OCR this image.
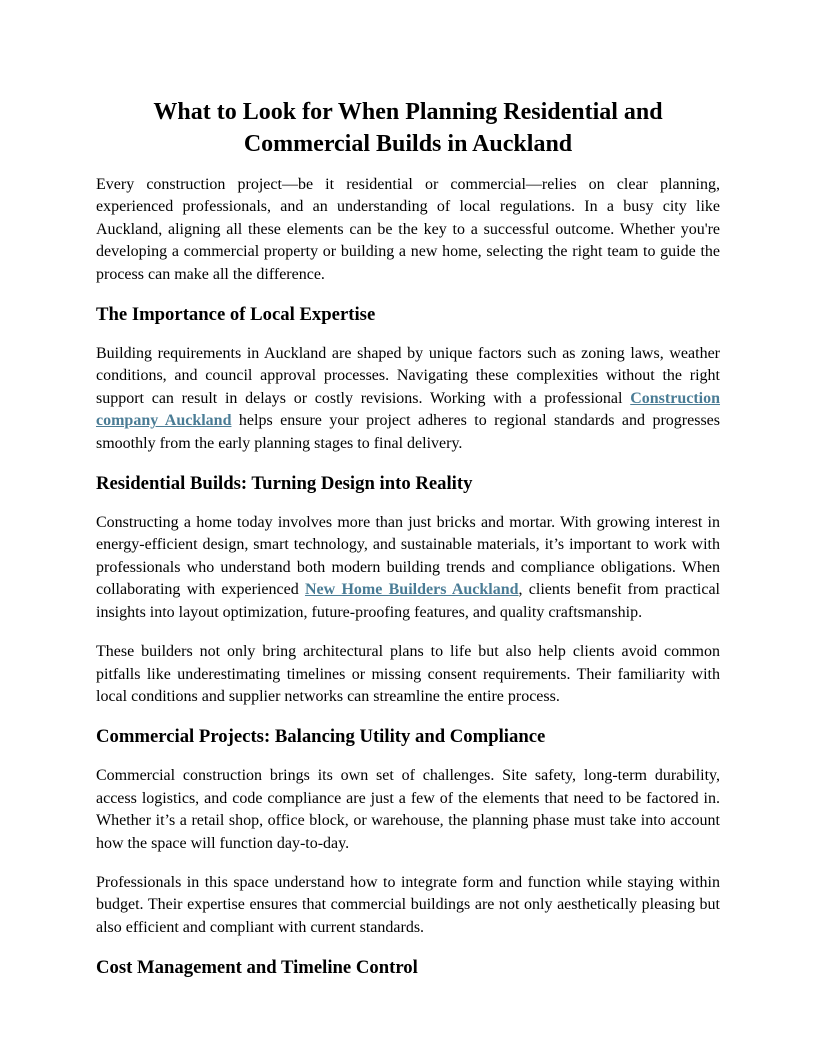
What to Look for When Planning Residential and Commercial Builds in Auckland

Every construction project—be it residential or commercial—relies on clear planning, experienced professionals, and an understanding of local regulations. In a busy city like Auckland, aligning all these elements can be the key to a successful outcome. Whether you're developing a commercial property or building a new home, selecting the right team to guide the process can make all the difference.

The Importance of Local Expertise

Building requirements in Auckland are shaped by unique factors such as zoning laws, weather conditions, and council approval processes. Navigating these complexities without the right support can result in delays or costly revisions. Working with a professional Construction company Auckland helps ensure your project adheres to regional standards and progresses smoothly from the early planning stages to final delivery.

Residential Builds: Turning Design into Reality

Constructing a home today involves more than just bricks and mortar. With growing interest in energy-efficient design, smart technology, and sustainable materials, it’s important to work with professionals who understand both modern building trends and compliance obligations. When collaborating with experienced New Home Builders Auckland, clients benefit from practical insights into layout optimization, future-proofing features, and quality craftsmanship.

These builders not only bring architectural plans to life but also help clients avoid common pitfalls like underestimating timelines or missing consent requirements. Their familiarity with local conditions and supplier networks can streamline the entire process.

Commercial Projects: Balancing Utility and Compliance

Commercial construction brings its own set of challenges. Site safety, long-term durability, access logistics, and code compliance are just a few of the elements that need to be factored in. Whether it’s a retail shop, office block, or warehouse, the planning phase must take into account how the space will function day-to-day.

Professionals in this space understand how to integrate form and function while staying within budget. Their expertise ensures that commercial buildings are not only aesthetically pleasing but also efficient and compliant with current standards.

Cost Management and Timeline Control
